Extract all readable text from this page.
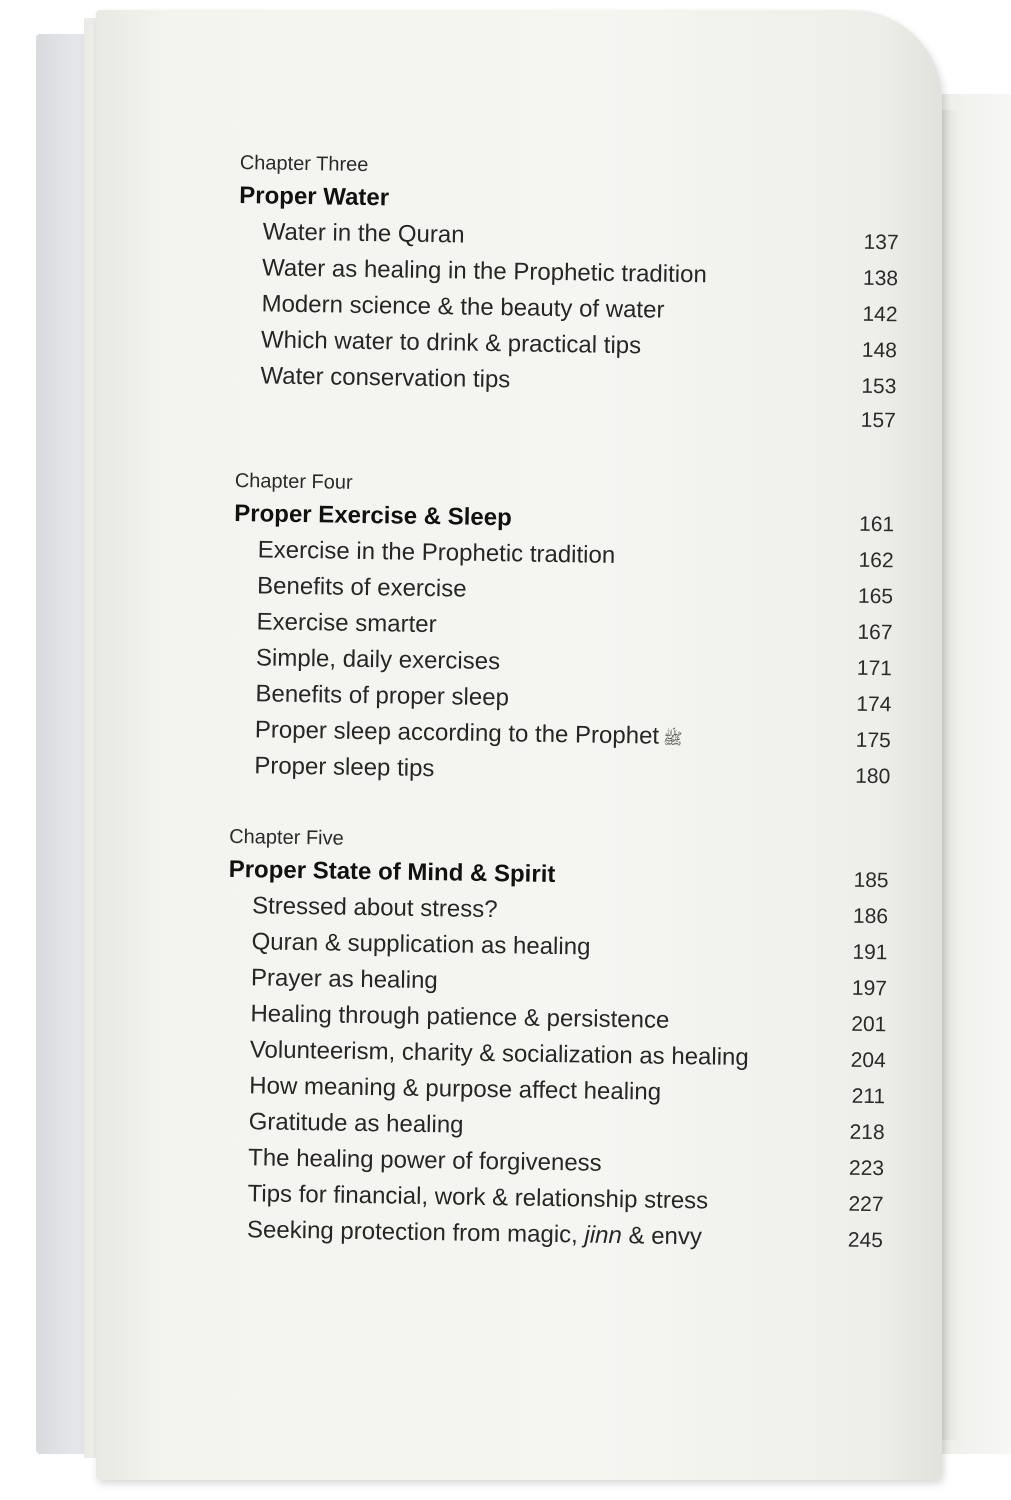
Chapter Three
Proper Water
Water in the Quran	137
Water as healing in the Prophetic tradition	138
Modern science & the beauty of water	142
Which water to drink & practical tips	148
Water conservation tips	153
157
Chapter Four
Proper Exercise & Sleep	161
Exercise in the Prophetic tradition	162
Benefits of exercise	165
Exercise smarter	167
Simple, daily exercises	171
Benefits of proper sleep	174
Proper sleep according to the Prophet ﷺ	175
Proper sleep tips	180
Chapter Five
Proper State of Mind & Spirit	185
Stressed about stress?	186
Quran & supplication as healing	191
Prayer as healing	197
Healing through patience & persistence	201
Volunteerism, charity & socialization as healing	204
How meaning & purpose affect healing	211
Gratitude as healing	218
The healing power of forgiveness	223
Tips for financial, work & relationship stress	227
Seeking protection from magic, jinn & envy	245
